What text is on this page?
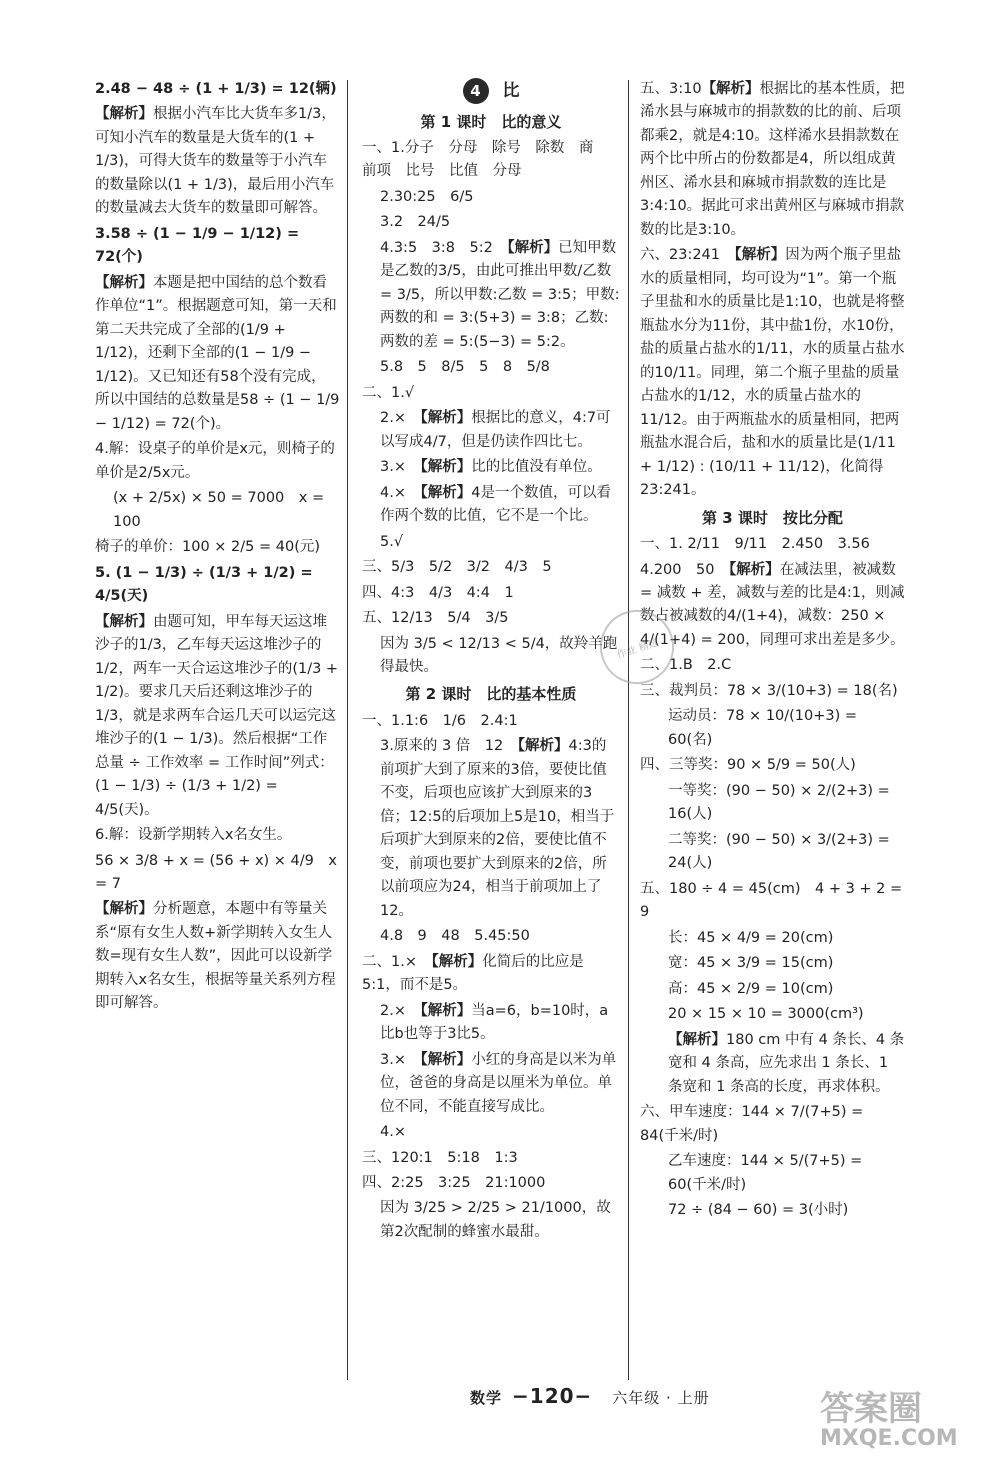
2.48 − 48 ÷ (1 + 1/3) = 12(辆)

【解析】根据小汽车比大货车多1/3，可知小汽车的数量是大货车的(1 + 1/3)，可得大货车的数量等于小汽车的数量除以(1 + 1/3)，最后用小汽车的数量减去大货车的数量即可解答。

3.58 ÷ (1 − 1/9 − 1/12) = 72(个)

【解析】本题是把中国结的总个数看作单位“1”。根据题意可知，第一天和第二天共完成了全部的(1/9 + 1/12)，还剩下全部的(1 − 1/9 − 1/12)。又已知还有58个没有完成，所以中国结的总数量是58 ÷ (1 − 1/9 − 1/12) = 72(个)。

4.解：设桌子的单价是x元，则椅子的单价是2/5x元。

(x + 2/5x) × 50 = 7000　x = 100

椅子的单价：100 × 2/5 = 40(元)

5. (1 − 1/3) ÷ (1/3 + 1/2) = 4/5(天)

【解析】由题可知，甲车每天运这堆沙子的1/3，乙车每天运这堆沙子的1/2，两车一天合运这堆沙子的(1/3 + 1/2)。要求几天后还剩这堆沙子的1/3，就是求两车合运几天可以运完这堆沙子的(1 − 1/3)。然后根据“工作总量 ÷ 工作效率 = 工作时间”列式：(1 − 1/3) ÷ (1/3 + 1/2) = 4/5(天)。

6.解：设新学期转入x名女生。

56 × 3/8 + x = (56 + x) × 4/9　x = 7

【解析】分析题意，本题中有等量关系“原有女生人数+新学期转入女生人数=现有女生人数”，因此可以设新学期转入x名女生，根据等量关系列方程即可解答。

4 比
第 1 课时　比的意义

一、1.分子　分母　除号　除数　商　前项　比号　比值　分母

2.30:25　6/5

3.2　24/5

4.3:5　3:8　5:2　 【解析】已知甲数是乙数的3/5，由此可推出甲数/乙数 = 3/5，所以甲数:乙数 = 3:5；甲数:两数的和 = 3:(5+3) = 3:8；乙数:两数的差 = 5:(5−3) = 5:2。

5.8　5　8/5　5　8　5/8

二、1.√

2.×　 【解析】根据比的意义，4:7可以写成4/7，但是仍读作四比七。

3.×　 【解析】比的比值没有单位。

4.×　 【解析】4是一个数值，可以看作两个数的比值，它不是一个比。

5.√

三、5/3　5/2　3/2　4/3　5

四、4:3　4/3　4:4　1

五、12/13　5/4　3/5

因为 3/5 < 12/13 < 5/4，故羚羊跑得最快。

第 2 课时　比的基本性质

一、1.1:6　1/6　2.4:1

3.原来的 3 倍　12　 【解析】4:3的前项扩大到了原来的3倍，要使比值不变，后项也应该扩大到原来的3倍；12:5的后项加上5是10，相当于后项扩大到原来的2倍，要使比值不变，前项也要扩大到原来的2倍，所以前项应为24，相当于前项加上了12。

4.8　9　48　5.45:50

二、1.×　 【解析】化简后的比应是5:1，而不是5。

2.×　 【解析】当a=6，b=10时，a比b也等于3比5。

3.×　 【解析】小红的身高是以米为单位，爸爸的身高是以厘米为单位。单位不同，不能直接写成比。

4.×

三、120:1　5:18　1:3

四、2:25　3:25　21:1000

因为 3/25 > 2/25 > 21/1000，故第2次配制的蜂蜜水最甜。

五、3:10【解析】根据比的基本性质，把浠水县与麻城市的捐款数的比的前、后项都乘2，就是4:10。这样浠水县捐款数在两个比中所占的份数都是4，所以组成黄州区、浠水县和麻城市捐款数的连比是3:4:10。据此可求出黄州区与麻城市捐款数的比是3:10。

六、23:241　 【解析】因为两个瓶子里盐水的质量相同，均可设为“1”。第一个瓶子里盐和水的质量比是1:10，也就是将整瓶盐水分为11份，其中盐1份，水10份，盐的质量占盐水的1/11，水的质量占盐水的10/11。同理，第二个瓶子里盐的质量占盐水的1/12，水的质量占盐水的11/12。由于两瓶盐水的质量相同，把两瓶盐水混合后，盐和水的质量比是(1/11 + 1/12) : (10/11 + 11/12)，化简得23:241。

第 3 课时　按比分配

一、1. 2/11　9/11　2.450　3.56

4.200　50　 【解析】在减法里，被减数 = 减数 + 差，减数与差的比是4:1，则减数占被减数的4/(1+4)，减数：250 × 4/(1+4) = 200，同理可求出差是多少。

二、1.B　2.C

三、裁判员：78 × 3/(10+3) = 18(名)

运动员：78 × 10/(10+3) = 60(名)

四、三等奖：90 × 5/9 = 50(人)

一等奖：(90 − 50) × 2/(2+3) = 16(人)

二等奖：(90 − 50) × 3/(2+3) = 24(人)

五、180 ÷ 4 = 45(cm)　4 + 3 + 2 = 9

长：45 × 4/9 = 20(cm)

宽：45 × 3/9 = 15(cm)

高：45 × 2/9 = 10(cm)

20 × 15 × 10 = 3000(cm³)

【解析】180 cm 中有 4 条长、4 条宽和 4 条高，应先求出 1 条长、1 条宽和 1 条高的长度，再求体积。

六、甲车速度：144 × 7/(7+5) = 84(千米/时)

乙车速度：144 × 5/(7+5) = 60(千米/时)

72 ÷ (84 − 60) = 3(小时)

作业 精选
数学 −120− 六年级 · 上册	答案圈
MXQE.COM
